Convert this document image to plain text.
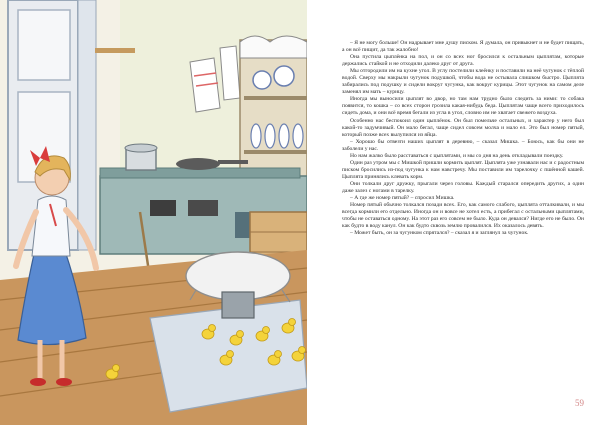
– Я не могу больше! Он надрывает мне душу писком. Я думала, он привыкнет и не будет пищать, а он всё пищит, да так жалобно!

Она пустила цыплёнка на пол, и он со всех ног бросился к остальным цыплятам, которые держались стайкой и не отходили далеко друг от друга.

Мы отгородили им на кухне угол. В углу постелили клеёнку и поставили на неё чугунок с тёплой водой. Сверху мы накрыли чугунок подушкой, чтобы вода не остывала слишком быстро. Цыплята забирались под подушку и сидели вокруг чугунка, как вокруг курицы. Этот чугунок на самом деле заменял им мать – курицу.

Иногда мы выносили цыплят во двор, но там нам трудно было следить за ними: то собака появится, то кошка – со всех сторон грозила какая-нибудь беда. Цыплятам чаще всего приходилось сидеть дома, и они всё время бегали из угла в угол, словно им не хватает свежего воздуха.

Особенно нас беспокоил один цыплёнок. Он был помельче остальных, и характер у него был какой-то задумчивый. Он мало бегал, чаще сидел совсем молча и мало ел. Это был номер пятый, который позже всех вылупился из яйца.

– Хорошо бы отвезти наших цыплят в деревню, – сказал Мишка. – Боюсь, как бы они не заболели у нас.

Но нам жалко было расставаться с цыплятами, и мы со дня на день откладывали поездку.

Один раз утром мы с Мишкой пришли кормить цыплят. Цыплята уже узнавали нас и с радостным писком бросились из-под чугунка к нам навстречу. Мы поставили им тарелочку с пшённой кашей. Цыплята принялись клевать корм.

Они толкали друг дружку, прыгали через головы. Каждый старался опередить других, а один даже залез с ногами в тарелку.

– А где же номер пятый? – спросил Мишка.

Номер пятый обычно толкался позади всех. Его, как самого слабого, цыплята отталкивали, и мы всегда кормили его отдельно. Иногда он и вовсе не хотел есть, а прибегал с остальными цыплятами, чтобы не оставаться одному. На этот раз его совсем не было. Куда он девался? Нигде его не было. Он как будто в воду канул. Он как будто сквозь землю провалился. Их оказалось девять.

– Может быть, он за чугунком спрятался? – сказал я и заглянул за чугунок.

59
